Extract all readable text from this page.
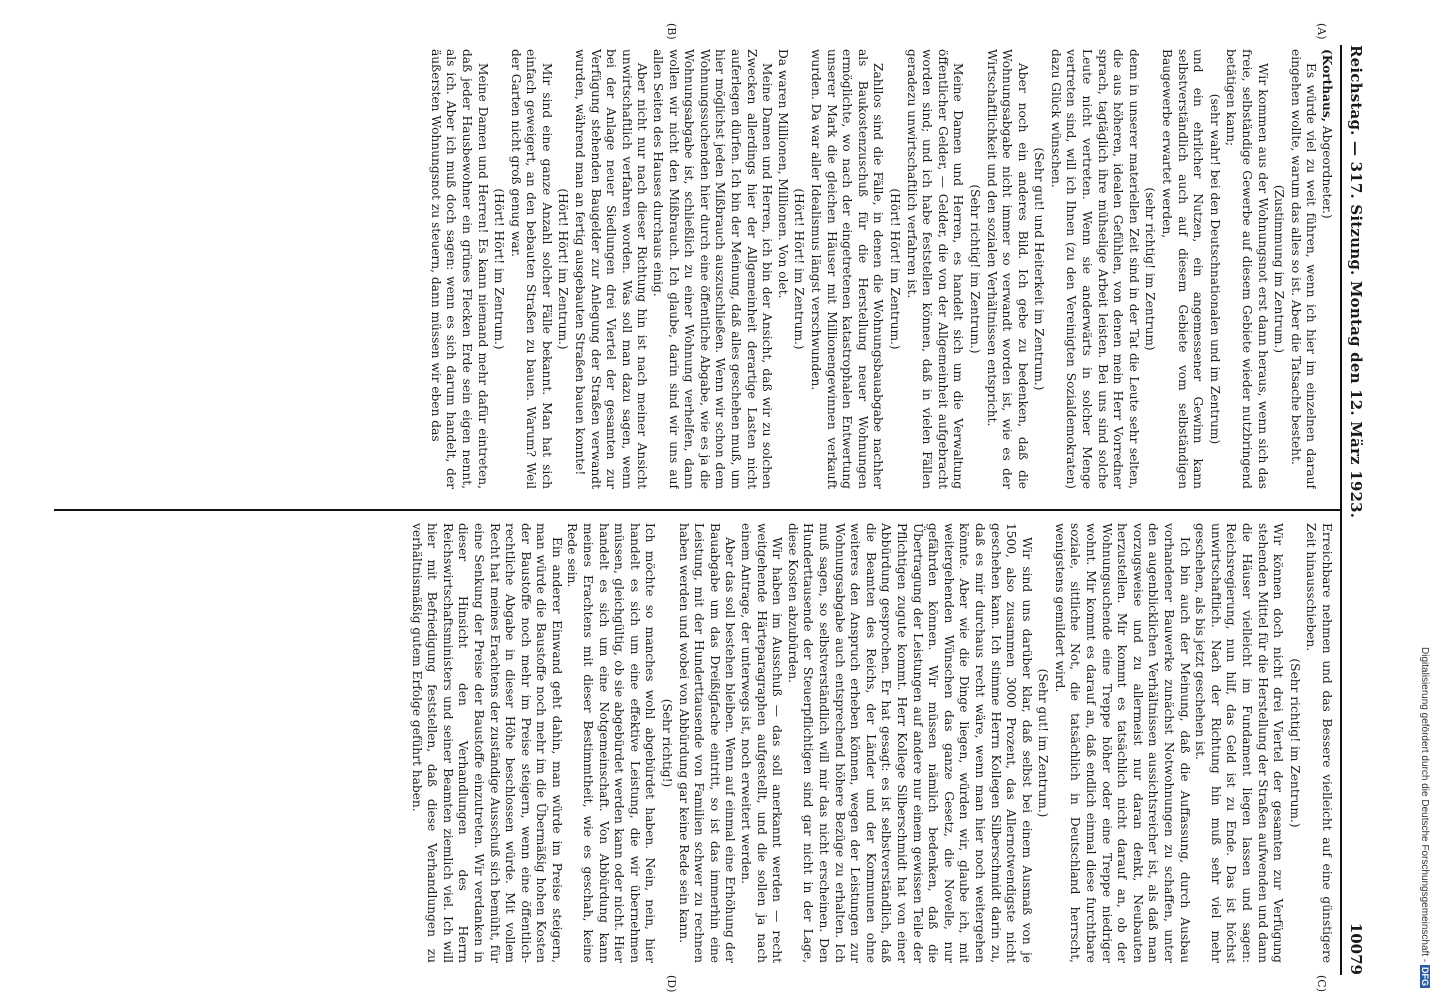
Reichstag. — 317. Sitzung. Montag den 12. März 1923.
10079
(A)
(B)
(C)
(D)

(Korthaus, Abgeordneter.)

Es würde viel zu weit führen, wenn ich hier im einzelnen darauf eingehen wollte, warum das alles so ist. Aber die Tatsache besteht.

(Zustimmung im Zentrum.)

Wir kommen aus der Wohnungsnot erst dann heraus, wenn sich das freie, selbständige Gewerbe auf diesem Gebiete wieder nutzbringend betätigen kann;

(sehr wahr! bei den Deutschnationalen und im Zentrum)

und ein ehrlicher Nutzen, ein angemessener Gewinn kann selbstverständlich auch auf diesem Gebiete vom selbständigen Baugewerbe erwartet werden,

(sehr richtig! im Zentrum)

denn in unserer materiellen Zeit sind in der Tat die Leute sehr selten, die aus höheren, idealen Gefühlen, von denen mein Herr Vorredner sprach, tagtäglich ihre mühselige Arbeit leisten. Bei uns sind solche Leute nicht vertreten. Wenn sie anderwärts in solcher Menge vertreten sind, will ich Ihnen (zu den Vereinigten Sozialdemokraten) dazu Glück wünschen.

(Sehr gut! und Heiterkeit im Zentrum.)

Aber noch ein anderes Bild. Ich gebe zu bedenken, daß die Wohnungsabgabe nicht immer so verwandt worden ist, wie es der Wirtschaftlichkeit und den sozialen Verhältnissen entspricht.

(Sehr richtig! im Zentrum.)

Meine Damen und Herren, es handelt sich um die Verwaltung öffentlicher Gelder, — Gelder, die von der Allgemeinheit aufgebracht worden sind; und ich habe feststellen können, daß in vielen Fällen geradezu unwirtschaftlich verfahren ist.

(Hört! Hört! im Zentrum.)

Zahllos sind die Fälle, in denen die Wohnungsbauabgabe nachher als Baukostenzuschuß für die Herstellung neuer Wohnungen ermöglichte, wo nach der eingetretenen katastrophalen Entwertung unserer Mark die gleichen Häuser mit Millionengewinnen verkauft wurden. Da war aller Idealismus längst verschwunden.

(Hört! Hört! im Zentrum.)

Da waren Millionen, Millionen. Von olet.

Meine Damen und Herren, ich bin der Ansicht, daß wir zu solchen Zwecken allerdings hier der Allgemeinheit derartige Lasten nicht auferlegen dürfen. Ich bin der Meinung, daß alles geschehen muß, um hier möglichst jeden Mißbrauch auszuschließen. Wenn wir schon dem Wohnungssuchenden hier durch eine öffentliche Abgabe, wie es ja die Wohnungsabgabe ist, schließlich zu einer Wohnung verhelfen, dann wollen wir nicht den Mißbrauch. Ich glaube, darin sind wir uns auf allen Seiten des Hauses durchaus einig.

Aber nicht nur nach dieser Richtung hin ist nach meiner Ansicht unwirtschaftlich verfahren worden. Was soll man dazu sagen, wenn bei der Anlage neuer Siedlungen drei Viertel der gesamten zur Verfügung stehenden Baugelder zur Anlegung der Straßen verwandt wurden, während man an fertig ausgebauten Straßen bauen konnte!

(Hört! Hört! im Zentrum.)

Mir sind eine ganze Anzahl solcher Fälle bekannt. Man hat sich einfach geweigert, an den bebauten Straßen zu bauen. Warum? Weil der Garten nicht groß genug war.

(Hört! Hört! im Zentrum.)

Meine Damen und Herren! Es kann niemand mehr dafür eintreten, daß jeder Hausbewohner ein grünes Flecken Erde sein eigen nennt, als ich. Aber ich muß doch sagen: wenn es sich darum handelt, der äußersten Wohnungsnot zu steuern, dann müssen wir eben das

Erreichbare nehmen und das Bessere vielleicht auf eine günstigere Zeit hinausschieben.

(Sehr richtig! im Zentrum.)

Wir können doch nicht drei Viertel der gesamten zur Verfügung stehenden Mittel für die Herstellung der Straßen aufwenden und dann die Häuser vielleicht im Fundament liegen lassen und sagen: Reichsregierung, nun hilf, das Geld ist zu Ende. Das ist höchst unwirtschaftlich. Nach der Richtung hin muß sehr viel mehr geschehen, als bis jetzt geschehen ist.

Ich bin auch der Meinung, daß die Auffassung, durch Ausbau vorhandener Bauwerke zunächst Notwohnungen zu schaffen, unter den augenblicklichen Verhältnissen aussichtsreicher ist, als daß man vorzugsweise und zu allermeist nur daran denkt, Neubauten herzustellen. Mir kommt es tatsächlich nicht darauf an, ob der Wohnungsuchende eine Treppe höher oder eine Treppe niedriger wohnt. Mir kommt es darauf an, daß endlich einmal diese furchtbare soziale, sittliche Not, die tatsächlich in Deutschland herrscht, wenigstens gemildert wird.

(Sehr gut! im Zentrum.)

Wir sind uns darüber klar, daß selbst bei einem Ausmaß von je 1500, also zusammen 3000 Prozent, das Allernotwendigste nicht geschehen kann. Ich stimme Herrn Kollegen Silberschmidt darin zu, daß es mir durchaus recht wäre, wenn man hier noch weitergehen könnte. Aber wie die Dinge liegen, würden wir, glaube ich, mit weitergehenden Wünschen das ganze Gesetz, die Novelle, nur gefährden können. Wir müssen nämlich bedenken, daß die Übertragung der Leistungen auf andere nur einem gewissen Teile der Pflichtigen zugute kommt. Herr Kollege Silberschmidt hat von einer Abbürdung gesprochen. Er hat gesagt: es ist selbstverständlich, daß die Beamten des Reichs, der Länder und der Kommunen ohne weiteres den Anspruch erheben können, wegen der Leistungen zur Wohnungsabgabe auch entsprechend höhere Bezüge zu erhalten. Ich muß sagen, so selbstverständlich will mir das nicht erscheinen. Den Hunderttausende der Steuerpflichtigen sind gar nicht in der Lage, diese Kosten abzubürden.

Wir haben im Ausschuß — das soll anerkannt werden — recht weitgehende Härteparagraphen aufgestellt, und die sollen ja nach einem Antrage, der unterwegs ist, noch erweitert werden.

Aber das soll bestehen bleiben. Wenn auf einmal eine Erhöhung der Bauabgabe um das Dreißigfache eintritt, so ist das immerhin eine Leistung, mit der Hunderttausende von Familien schwer zu rechnen haben werden und wobei von Abbürdung gar keine Rede sein kann.

(Sehr richtig!)

Ich möchte so manches wohl abgebürdet haben. Nein, nein, hier handelt es sich um eine effektive Leistung, die wir übernehmen müssen, gleichgültig, ob sie abgebürdet werden kann oder nicht. Hier handelt es sich um eine Notgemeinschaft. Von Abbürdung kann meines Erachtens mit dieser Bestimmtheit, wie es geschah, keine Rede sein.

Ein anderer Einwand geht dahin, man würde im Preise steigern, man würde die Baustoffe noch mehr im die Übermäßig hohen Kosten der Baustoffe noch mehr im Preise steigern, wenn eine öffentlich-rechtliche Abgabe in dieser Höhe beschlossen würde. Mit vollem Recht hat meines Erachtens der zuständige Ausschuß sich bemüht, für eine Senkung der Preise der Baustoffe einzutreten. Wir verdanken in dieser Hinsicht den Verhandlungen des Herrn Reichswirtschaftsministers und seiner Beamten ziemlich viel. Ich will hier mit Befriedigung feststellen, daß diese Verhandlungen zu verhältnismäßig gutem Erfolge geführt haben.	Digitalisierung gefördert durch die Deutsche Forschungsgemeinschaft - DFG
